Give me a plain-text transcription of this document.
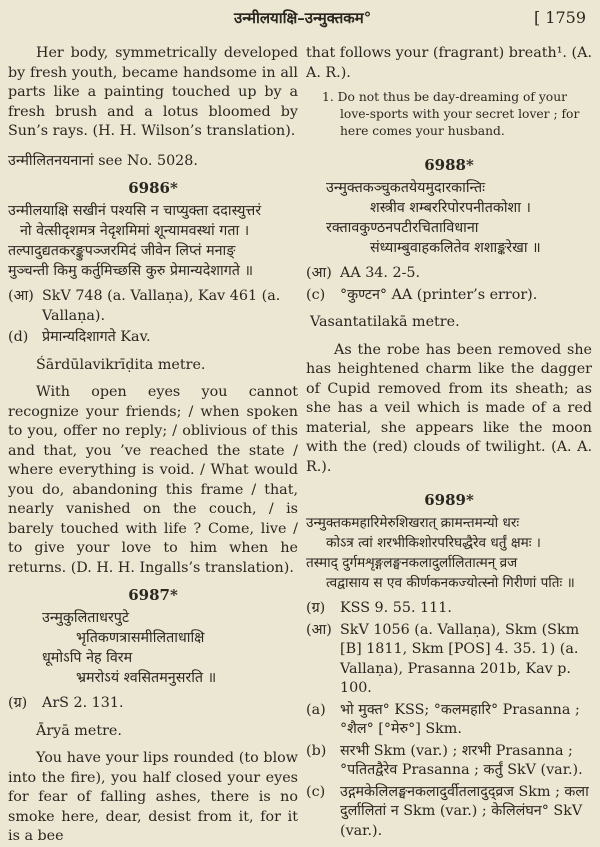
उन्मीलयाक्षि–उन्मुक्तकम°	[ 1759

Her body, symmetrically developed by fresh youth, became handsome in all parts like a painting touched up by a fresh brush and a lotus bloomed by Sun’s rays. (H. H. Wilson’s translation).

उन्मीलितनयनानां see No. 5028.

6986*
उन्मीलयाक्षि सखीनं पश्यसि न चाप्युक्ता ददास्युत्तरं
नो वेत्सीदृशमत्र नेदृशमिमां शून्यामवस्थां गता ।
तल्पादुद्यतकरङ्कुपञ्जरमिदं जीवेन लिप्तं मनाङ्
मुञ्चन्ती किमु कर्तुमिच्छसि कुरु प्रेमान्यदेशागते ॥
(आ) SkV 748 (a. Vallaṇa), Kav 461 (a. Vallaṇa).
(d) प्रेमान्यदिशागते Kav.
Śārdūlavikrīḍita metre.

With open eyes you cannot recognize your friends; / when spoken to you, offer no reply; / oblivious of this and that, you ’ve reached the state / where everything is void. / What would you do, abandoning this frame / that, nearly vanished on the couch, / is barely touched with life ? Come, live / to give your love to him when he returns. (D. H. H. Ingalls’s translation).

6987*
उन्मुकुलिताधरपुटे
भृतिकणत्रासमीलिताधाक्षि
धूमोऽपि नेह विरम
भ्रमरोऽयं श्वसितमनुसरति ॥
(ग्र)	ArS 2. 131.
Āryā metre.

You have your lips rounded (to blow into the fire), you half closed your eyes for fear of falling ashes, there is no smoke here, dear, desist from it, for it is a bee

that follows your (fragrant) breath¹. (A. A. R.).

1. Do not thus be day-dreaming of your love-sports with your secret lover ; for here comes your husband.

6988*
उन्मुक्तकञ्चुकतयेयमुदारकान्तिः
शस्त्रीव शम्बररिपोरपनीतकोशा ।
रक्तावकुण्ठनपटीरचिताविधाना
संध्याम्बुवाहकलितेव शशाङ्करेखा ॥
(आ) AA 34. 2-5.
(c)	°कुण्टन° AA (printer’s error).
Vasantatilakā metre.

As the robe has been removed she has heightened charm like the dagger of Cupid removed from its sheath; as she has a veil which is made of a red material, she appears like the moon with the (red) clouds of twilight. (A. A. R.).

6989*
उन्मुक्तकमहारिमेरुशिखरात् क्रामन्तमन्यो धरः
कोऽत्र त्वां शरभीकिशोरपरिघद्धैरेव धर्तुं क्षमः ।
तस्माद् दुर्गमशृङ्गलङ्घनकलादुर्लालितात्मन् व्रज
त्वद्वासाय स एव कीर्णकनकज्योत्स्नो गिरीणां पतिः ॥
(ग्र)	KSS 9. 55. 111.
(आ) SkV 1056 (a. Vallaṇa), Skm (Skm [B] 1811, Skm [POS] 4. 35. 1) (a. Vallaṇa), Prasanna 201b, Kav p. 100.
(a)	भो मुक्त° KSS; °कलमहारि° Prasanna ; °शैल° [°मेरु°] Skm.
(b) सरभी Skm (var.) ; शरभी Prasanna ; °पतितद्वैरेव Prasanna ; कर्तुं SkV (var.).
(c)	उद्गमकेलिलङ्घनकलादुर्वीतलादुद्व्रज Skm ; कला दुर्लालितां न Skm (var.) ; केलिलंघन° SkV (var.).
